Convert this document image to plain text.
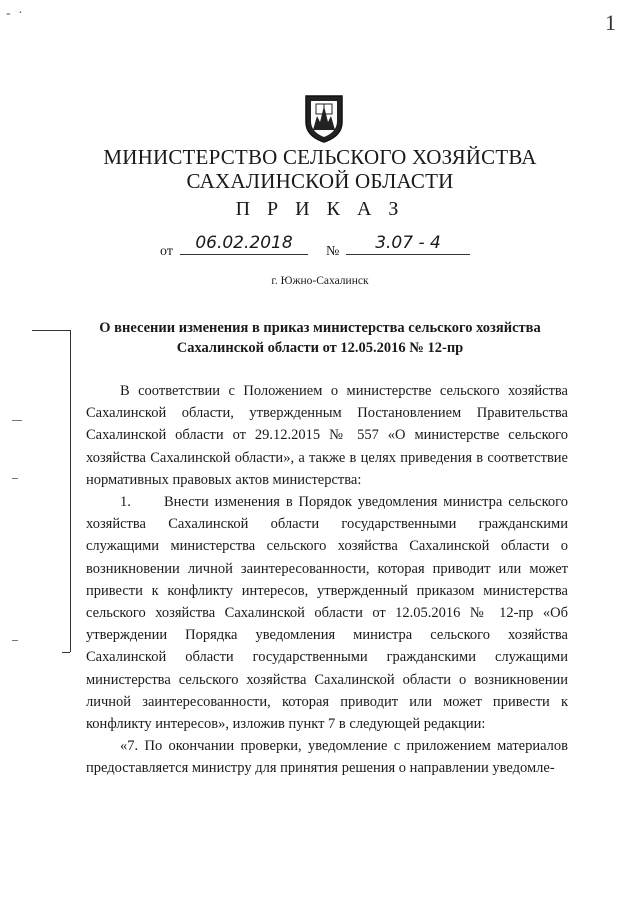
- ·	1
МИНИСТЕРСТВО СЕЛЬСКОГО ХОЗЯЙСТВА
САХАЛИНСКОЙ ОБЛАСТИ
П Р И К А З
от	06.02.2018	№	3.07 - 4
г. Южно-Сахалинск
О внесении изменения в приказ министерства сельского хозяйства
Сахалинской области от 12.05.2016 № 12-пр

В соответствии с Положением о министерстве сельского хозяйства Сахалинской области, утвержденным Постановлением Правительства Сахалинской области от 29.12.2015 № 557 «О министерстве сельского хозяйства Сахалинской области», а также в целях приведения в соответствие нормативных правовых актов министерства:

1. Внести изменения в Порядок уведомления министра сельского хозяйства Сахалинской области государственными гражданскими служащими министерства сельского хозяйства Сахалинской области о возникновении личной заинтересованности, которая приводит или может привести к конфликту интересов, утвержденный приказом министерства сельского хозяйства Сахалинской области от 12.05.2016 № 12-пр «Об утверждении Порядка уведомления министра сельского хозяйства Сахалинской области государственными гражданскими служащими министерства сельского хозяйства Сахалинской области о возникновении личной заинтересованности, которая приводит или может привести к конфликту интересов», изложив пункт 7 в следующей редакции:

«7. По окончании проверки, уведомление с приложением материалов предоставляется министру для принятия решения о направлении уведомле-
